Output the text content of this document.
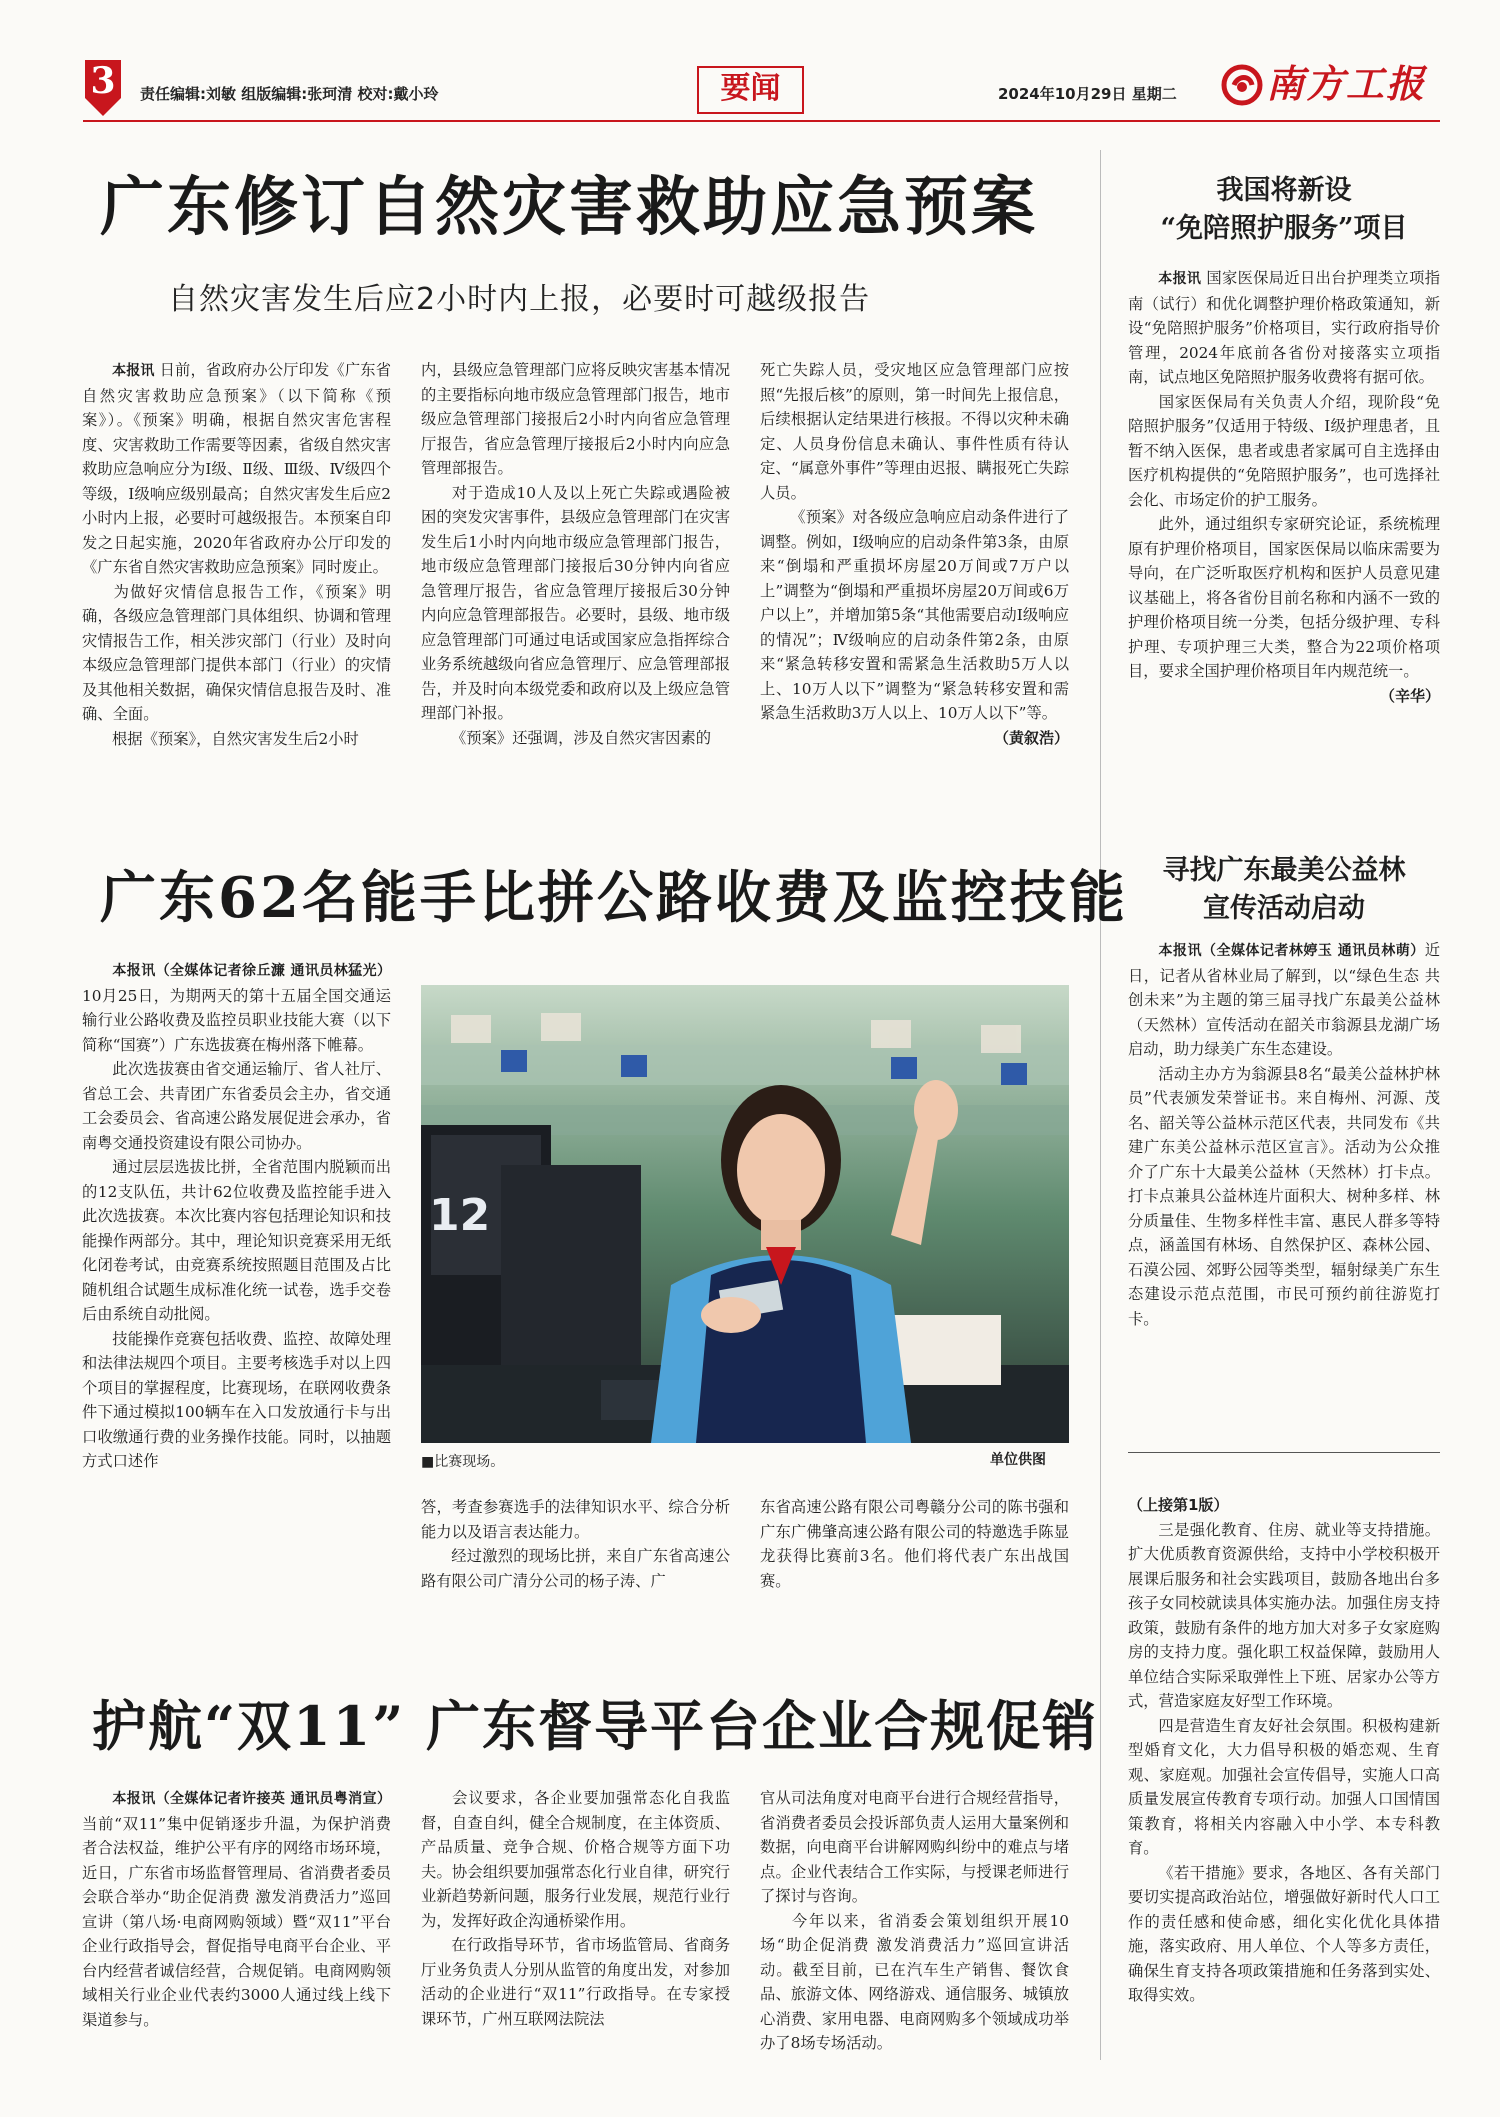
3	责任编辑:刘敏 组版编辑:张珂清 校对:戴小玲	要闻	2024年10月29日 星期二 南方工报
广东修订自然灾害救助应急预案
自然灾害发生后应2小时内上报，必要时可越级报告

本报讯 日前，省政府办公厅印发《广东省自然灾害救助应急预案》（以下简称《预案》）。《预案》明确，根据自然灾害危害程度、灾害救助工作需要等因素，省级自然灾害救助应急响应分为Ⅰ级、Ⅱ级、Ⅲ级、Ⅳ级四个等级，Ⅰ级响应级别最高；自然灾害发生后应2小时内上报，必要时可越级报告。本预案自印发之日起实施，2020年省政府办公厅印发的《广东省自然灾害救助应急预案》同时废止。

为做好灾情信息报告工作，《预案》明确，各级应急管理部门具体组织、协调和管理灾情报告工作，相关涉灾部门（行业）及时向本级应急管理部门提供本部门（行业）的灾情及其他相关数据，确保灾情信息报告及时、准确、全面。

根据《预案》，自然灾害发生后2小时

内，县级应急管理部门应将反映灾害基本情况的主要指标向地市级应急管理部门报告，地市级应急管理部门接报后2小时内向省应急管理厅报告，省应急管理厅接报后2小时内向应急管理部报告。

对于造成10人及以上死亡失踪或遇险被困的突发灾害事件，县级应急管理部门在灾害发生后1小时内向地市级应急管理部门报告，地市级应急管理部门接报后30分钟内向省应急管理厅报告，省应急管理厅接报后30分钟内向应急管理部报告。必要时，县级、地市级应急管理部门可通过电话或国家应急指挥综合业务系统越级向省应急管理厅、应急管理部报告，并及时向本级党委和政府以及上级应急管理部门补报。

《预案》还强调，涉及自然灾害因素的

死亡失踪人员，受灾地区应急管理部门应按照“先报后核”的原则，第一时间先上报信息，后续根据认定结果进行核报。不得以灾种未确定、人员身份信息未确认、事件性质有待认定、“属意外事件”等理由迟报、瞒报死亡失踪人员。

《预案》对各级应急响应启动条件进行了调整。例如，Ⅰ级响应的启动条件第3条，由原来“倒塌和严重损坏房屋20万间或7万户以上”调整为“倒塌和严重损坏房屋20万间或6万户以上”，并增加第5条“其他需要启动Ⅰ级响应的情况”；Ⅳ级响应的启动条件第2条，由原来“紧急转移安置和需紧急生活救助5万人以上、10万人以下”调整为“紧急转移安置和需紧急生活救助3万人以上、10万人以下”等。

（黄叙浩）

我国将新设
“免陪照护服务”项目

本报讯 国家医保局近日出台护理类立项指南（试行）和优化调整护理价格政策通知，新设“免陪照护服务”价格项目，实行政府指导价管理，2024年底前各省份对接落实立项指南，试点地区免陪照护服务收费将有据可依。

国家医保局有关负责人介绍，现阶段“免陪照护服务”仅适用于特级、Ⅰ级护理患者，且暂不纳入医保，患者或患者家属可自主选择由医疗机构提供的“免陪照护服务”，也可选择社会化、市场定价的护工服务。

此外，通过组织专家研究论证，系统梳理原有护理价格项目，国家医保局以临床需要为导向，在广泛听取医疗机构和医护人员意见建议基础上，将各省份目前名称和内涵不一致的护理价格项目统一分类，包括分级护理、专科护理、专项护理三大类，整合为22项价格项目，要求全国护理价格项目年内规范统一。

（辛华）

广东62名能手比拼公路收费及监控技能

本报讯（全媒体记者徐丘濂 通讯员林猛光）10月25日，为期两天的第十五届全国交通运输行业公路收费及监控员职业技能大赛（以下简称“国赛”）广东选拔赛在梅州落下帷幕。

此次选拔赛由省交通运输厅、省人社厅、省总工会、共青团广东省委员会主办，省交通工会委员会、省高速公路发展促进会承办，省南粤交通投资建设有限公司协办。

通过层层选拔比拼，全省范围内脱颖而出的12支队伍，共计62位收费及监控能手进入此次选拔赛。本次比赛内容包括理论知识和技能操作两部分。其中，理论知识竞赛采用无纸化闭卷考试，由竞赛系统按照题目范围及占比随机组合试题生成标准化统一试卷，选手交卷后由系统自动批阅。

技能操作竞赛包括收费、监控、故障处理和法律法规四个项目。主要考核选手对以上四个项目的掌握程度，比赛现场，在联网收费条件下通过模拟100辆车在入口发放通行卡与出口收缴通行费的业务操作技能。同时，以抽题方式口述作

12
■比赛现场。	单位供图

答，考查参赛选手的法律知识水平、综合分析能力以及语言表达能力。

经过激烈的现场比拼，来自广东省高速公路有限公司广清分公司的杨子涛、广

东省高速公路有限公司粤赣分公司的陈书强和广东广佛肇高速公路有限公司的特邀选手陈显龙获得比赛前3名。他们将代表广东出战国赛。

寻找广东最美公益林
宣传活动启动

本报讯（全媒体记者林婷玉 通讯员林萌）近日，记者从省林业局了解到，以“绿色生态 共创未来”为主题的第三届寻找广东最美公益林（天然林）宣传活动在韶关市翁源县龙湖广场启动，助力绿美广东生态建设。

活动主办方为翁源县8名“最美公益林护林员”代表颁发荣誉证书。来自梅州、河源、茂名、韶关等公益林示范区代表，共同发布《共建广东美公益林示范区宣言》。活动为公众推介了广东十大最美公益林（天然林）打卡点。打卡点兼具公益林连片面积大、树种多样、林分质量佳、生物多样性丰富、惠民人群多等特点，涵盖国有林场、自然保护区、森林公园、石漠公园、郊野公园等类型，辐射绿美广东生态建设示范点范围，市民可预约前往游览打卡。

（上接第1版）

三是强化教育、住房、就业等支持措施。扩大优质教育资源供给，支持中小学校积极开展课后服务和社会实践项目，鼓励各地出台多孩子女同校就读具体实施办法。加强住房支持政策，鼓励有条件的地方加大对多子女家庭购房的支持力度。强化职工权益保障，鼓励用人单位结合实际采取弹性上下班、居家办公等方式，营造家庭友好型工作环境。

四是营造生育友好社会氛围。积极构建新型婚育文化，大力倡导积极的婚恋观、生育观、家庭观。加强社会宣传倡导，实施人口高质量发展宣传教育专项行动。加强人口国情国策教育，将相关内容融入中小学、本专科教育。

《若干措施》要求，各地区、各有关部门要切实提高政治站位，增强做好新时代人口工作的责任感和使命感，细化实化优化具体措施，落实政府、用人单位、个人等多方责任，确保生育支持各项政策措施和任务落到实处、取得实效。

护航“双11” 广东督导平台企业合规促销

本报讯（全媒体记者许接英 通讯员粤消宣）当前“双11”集中促销逐步升温，为保护消费者合法权益，维护公平有序的网络市场环境，近日，广东省市场监督管理局、省消费者委员会联合举办“助企促消费 激发消费活力”巡回宣讲（第八场·电商网购领域）暨“双11”平台企业行政指导会，督促指导电商平台企业、平台内经营者诚信经营，合规促销。电商网购领域相关行业企业代表约3000人通过线上线下渠道参与。

会议要求，各企业要加强常态化自我监督，自查自纠，健全合规制度，在主体资质、产品质量、竞争合规、价格合规等方面下功夫。协会组织要加强常态化行业自律，研究行业新趋势新问题，服务行业发展，规范行业行为，发挥好政企沟通桥梁作用。

在行政指导环节，省市场监管局、省商务厅业务负责人分别从监管的角度出发，对参加活动的企业进行“双11”行政指导。在专家授课环节，广州互联网法院法

官从司法角度对电商平台进行合规经营指导，省消费者委员会投诉部负责人运用大量案例和数据，向电商平台讲解网购纠纷中的难点与堵点。企业代表结合工作实际，与授课老师进行了探讨与咨询。

今年以来，省消委会策划组织开展10场“助企促消费 激发消费活力”巡回宣讲活动。截至目前，已在汽车生产销售、餐饮食品、旅游文体、网络游戏、通信服务、城镇放心消费、家用电器、电商网购多个领域成功举办了8场专场活动。
